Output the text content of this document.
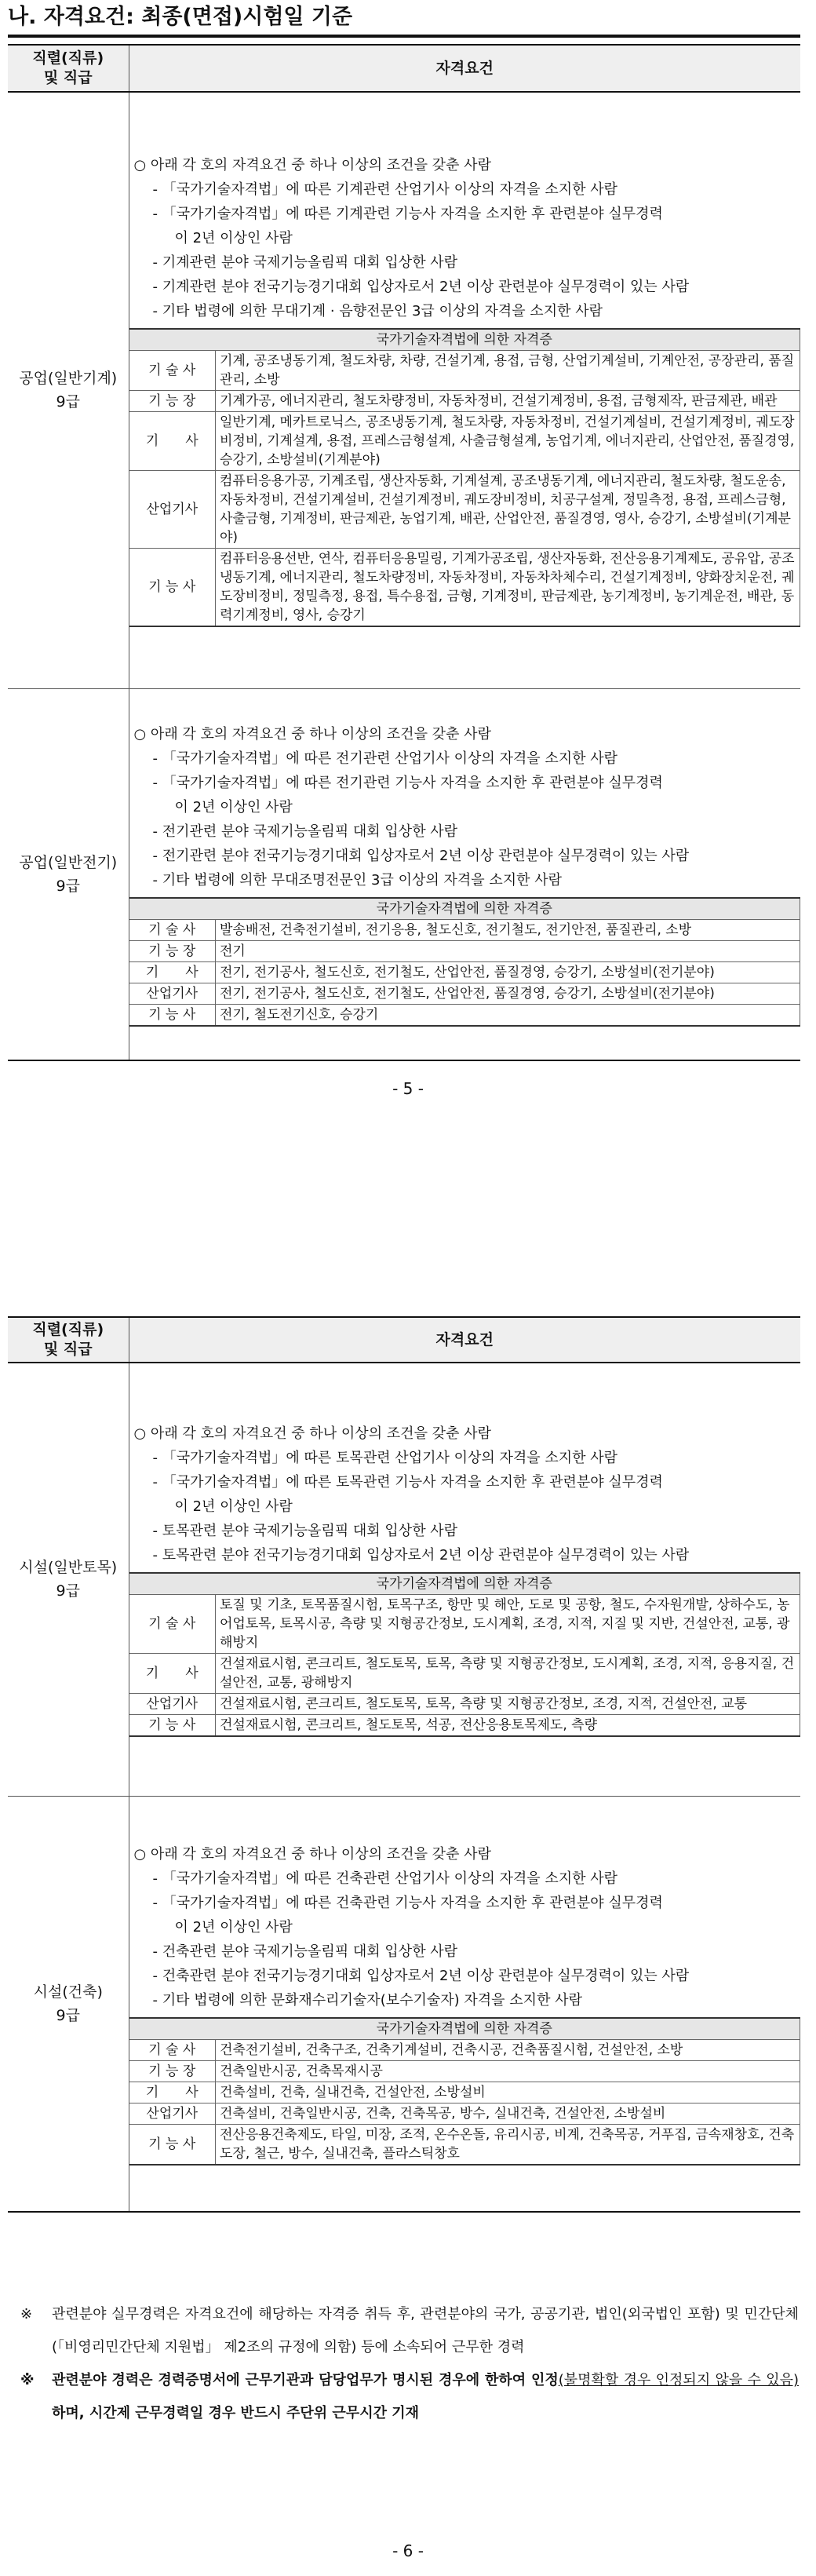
나. 자격요건: 최종(면접)시험일 기준
직렬(직류)
및 직급	자격요건
공업(일반기계)
9급	
○ 아래 각 호의 자격요건 중 하나 이상의 조건을 갖춘 사람
- 「국가기술자격법」에 따른 기계관련 산업기사 이상의 자격을 소지한 사람
- 「국가기술자격법」에 따른 기계관련 기능사 자격을 소지한 후 관련분야 실무경력
이 2년 이상인 사람
- 기계관련 분야 국제기능올림픽 대회 입상한 사람
- 기계관련 분야 전국기능경기대회 입상자로서 2년 이상 관련분야 실무경력이 있는 사람
- 기타 법령에 의한 무대기계 · 음향전문인 3급 이상의 자격을 소지한 사람
국가기술자격법에 의한 자격증
기 술 사	기계, 공조냉동기계, 철도차량, 차량, 건설기계, 용접, 금형, 산업기계설비, 기계안전, 공장관리, 품질관리, 소방
기 능 장	기계가공, 에너지관리, 철도차량정비, 자동차정비, 건설기계정비, 용접, 금형제작, 판금제관, 배관
기　　사	일반기계, 메카트로닉스, 공조냉동기계, 철도차량, 자동차정비, 건설기계설비, 건설기계정비, 궤도장비정비, 기계설계, 용접, 프레스금형설계, 사출금형설계, 농업기계, 에너지관리, 산업안전, 품질경영, 승강기, 소방설비(기계분야)
산업기사	컴퓨터응용가공, 기계조립, 생산자동화, 기계설계, 공조냉동기계, 에너지관리, 철도차량, 철도운송, 자동차정비, 건설기계설비, 건설기계정비, 궤도장비정비, 치공구설계, 정밀측정, 용접, 프레스금형, 사출금형, 기계정비, 판금제관, 농업기계, 배관, 산업안전, 품질경영, 영사, 승강기, 소방설비(기계분야)
기 능 사	컴퓨터응용선반, 연삭, 컴퓨터응용밀링, 기계가공조립, 생산자동화, 전산응용기계제도, 공유압, 공조냉동기계, 에너지관리, 철도차량정비, 자동차정비, 자동차차체수리, 건설기계정비, 양화장치운전, 궤도장비정비, 정밀측정, 용접, 특수용접, 금형, 기계정비, 판금제관, 농기계정비, 농기계운전, 배관, 동력기계정비, 영사, 승강기

공업(일반전기)
9급	
○ 아래 각 호의 자격요건 중 하나 이상의 조건을 갖춘 사람
- 「국가기술자격법」에 따른 전기관련 산업기사 이상의 자격을 소지한 사람
- 「국가기술자격법」에 따른 전기관련 기능사 자격을 소지한 후 관련분야 실무경력
이 2년 이상인 사람
- 전기관련 분야 국제기능올림픽 대회 입상한 사람
- 전기관련 분야 전국기능경기대회 입상자로서 2년 이상 관련분야 실무경력이 있는 사람
- 기타 법령에 의한 무대조명전문인 3급 이상의 자격을 소지한 사람
국가기술자격법에 의한 자격증
기 술 사	발송배전, 건축전기설비, 전기응용, 철도신호, 전기철도, 전기안전, 품질관리, 소방
기 능 장	전기
기　　사	전기, 전기공사, 철도신호, 전기철도, 산업안전, 품질경영, 승강기, 소방설비(전기분야)
산업기사	전기, 전기공사, 철도신호, 전기철도, 산업안전, 품질경영, 승강기, 소방설비(전기분야)
기 능 사	전기, 철도전기신호, 승강기
- 5 -
직렬(직류)
및 직급	자격요건
시설(일반토목)
9급	
○ 아래 각 호의 자격요건 중 하나 이상의 조건을 갖춘 사람
- 「국가기술자격법」에 따른 토목관련 산업기사 이상의 자격을 소지한 사람
- 「국가기술자격법」에 따른 토목관련 기능사 자격을 소지한 후 관련분야 실무경력
이 2년 이상인 사람
- 토목관련 분야 국제기능올림픽 대회 입상한 사람
- 토목관련 분야 전국기능경기대회 입상자로서 2년 이상 관련분야 실무경력이 있는 사람
국가기술자격법에 의한 자격증
기 술 사	토질 및 기초, 토목품질시험, 토목구조, 항만 및 해안, 도로 및 공항, 철도, 수자원개발, 상하수도, 농어업토목, 토목시공, 측량 및 지형공간정보, 도시계획, 조경, 지적, 지질 및 지반, 건설안전, 교통, 광해방지
기　　사	건설재료시험, 콘크리트, 철도토목, 토목, 측량 및 지형공간정보, 도시계획, 조경, 지적, 응용지질, 건설안전, 교통, 광해방지
산업기사	건설재료시험, 콘크리트, 철도토목, 토목, 측량 및 지형공간정보, 조경, 지적, 건설안전, 교통
기 능 사	건설재료시험, 콘크리트, 철도토목, 석공, 전산응용토목제도, 측량

시설(건축)
9급	
○ 아래 각 호의 자격요건 중 하나 이상의 조건을 갖춘 사람
- 「국가기술자격법」에 따른 건축관련 산업기사 이상의 자격을 소지한 사람
- 「국가기술자격법」에 따른 건축관련 기능사 자격을 소지한 후 관련분야 실무경력
이 2년 이상인 사람
- 건축관련 분야 국제기능올림픽 대회 입상한 사람
- 건축관련 분야 전국기능경기대회 입상자로서 2년 이상 관련분야 실무경력이 있는 사람
- 기타 법령에 의한 문화재수리기술자(보수기술자) 자격을 소지한 사람
국가기술자격법에 의한 자격증
기 술 사	건축전기설비, 건축구조, 건축기계설비, 건축시공, 건축품질시험, 건설안전, 소방
기 능 장	건축일반시공, 건축목재시공
기　　사	건축설비, 건축, 실내건축, 건설안전, 소방설비
산업기사	건축설비, 건축일반시공, 건축, 건축목공, 방수, 실내건축, 건설안전, 소방설비
기 능 사	전산응용건축제도, 타일, 미장, 조적, 온수온돌, 유리시공, 비계, 건축목공, 거푸집, 금속재창호, 건축도장, 철근, 방수, 실내건축, 플라스틱창호
※ 관련분야 실무경력은 자격요건에 해당하는 자격증 취득 후, 관련분야의 국가, 공공기관, 법인(외국법인 포함) 및 민간단체(「비영리민간단체 지원법」 제2조의 규정에 의함) 등에 소속되어 근무한 경력
※ 관련분야 경력은 경력증명서에 근무기관과 담당업무가 명시된 경우에 한하여 인정(불명확할 경우 인정되지 않을 수 있음)하며, 시간제 근무경력일 경우 반드시 주단위 근무시간 기재
- 6 -
